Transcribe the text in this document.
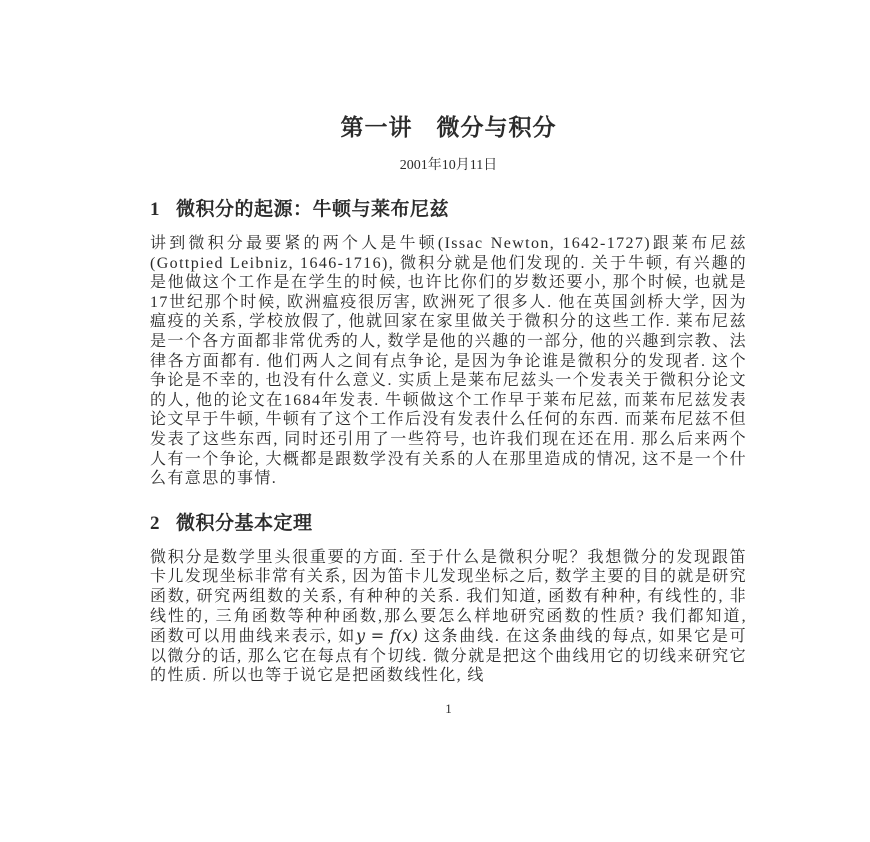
第一讲　微分与积分
2001年10月11日
1 微积分的起源：牛顿与莱布尼兹

讲到微积分最要紧的两个人是牛顿(Issac Newton, 1642-1727)跟莱布尼兹(Gottpied Leibniz, 1646-1716), 微积分就是他们发现的. 关于牛顿, 有兴趣的是他做这个工作是在学生的时候, 也许比你们的岁数还要小, 那个时候, 也就是17世纪那个时候, 欧洲瘟疫很厉害, 欧洲死了很多人. 他在英国剑桥大学, 因为瘟疫的关系, 学校放假了, 他就回家在家里做关于微积分的这些工作. 莱布尼兹是一个各方面都非常优秀的人, 数学是他的兴趣的一部分, 他的兴趣到宗教、法律各方面都有. 他们两人之间有点争论, 是因为争论谁是微积分的发现者. 这个争论是不幸的, 也没有什么意义. 实质上是莱布尼兹头一个发表关于微积分论文的人, 他的论文在1684年发表. 牛顿做这个工作早于莱布尼兹, 而莱布尼兹发表论文早于牛顿, 牛顿有了这个工作后没有发表什么任何的东西. 而莱布尼兹不但发表了这些东西, 同时还引用了一些符号, 也许我们现在还在用. 那么后来两个人有一个争论, 大概都是跟数学没有关系的人在那里造成的情况, 这不是一个什么有意思的事情.

2 微积分基本定理

微积分是数学里头很重要的方面. 至于什么是微积分呢？我想微分的发现跟笛卡儿发现坐标非常有关系, 因为笛卡儿发现坐标之后, 数学主要的目的就是研究函数, 研究两组数的关系, 有种种的关系. 我们知道, 函数有种种, 有线性的, 非线性的, 三角函数等种种函数,那么要怎么样地研究函数的性质? 我们都知道, 函数可以用曲线来表示, 如y = f(x) 这条曲线. 在这条曲线的每点, 如果它是可以微分的话, 那么它在每点有个切线. 微分就是把这个曲线用它的切线来研究它的性质. 所以也等于说它是把函数线性化, 线

1
